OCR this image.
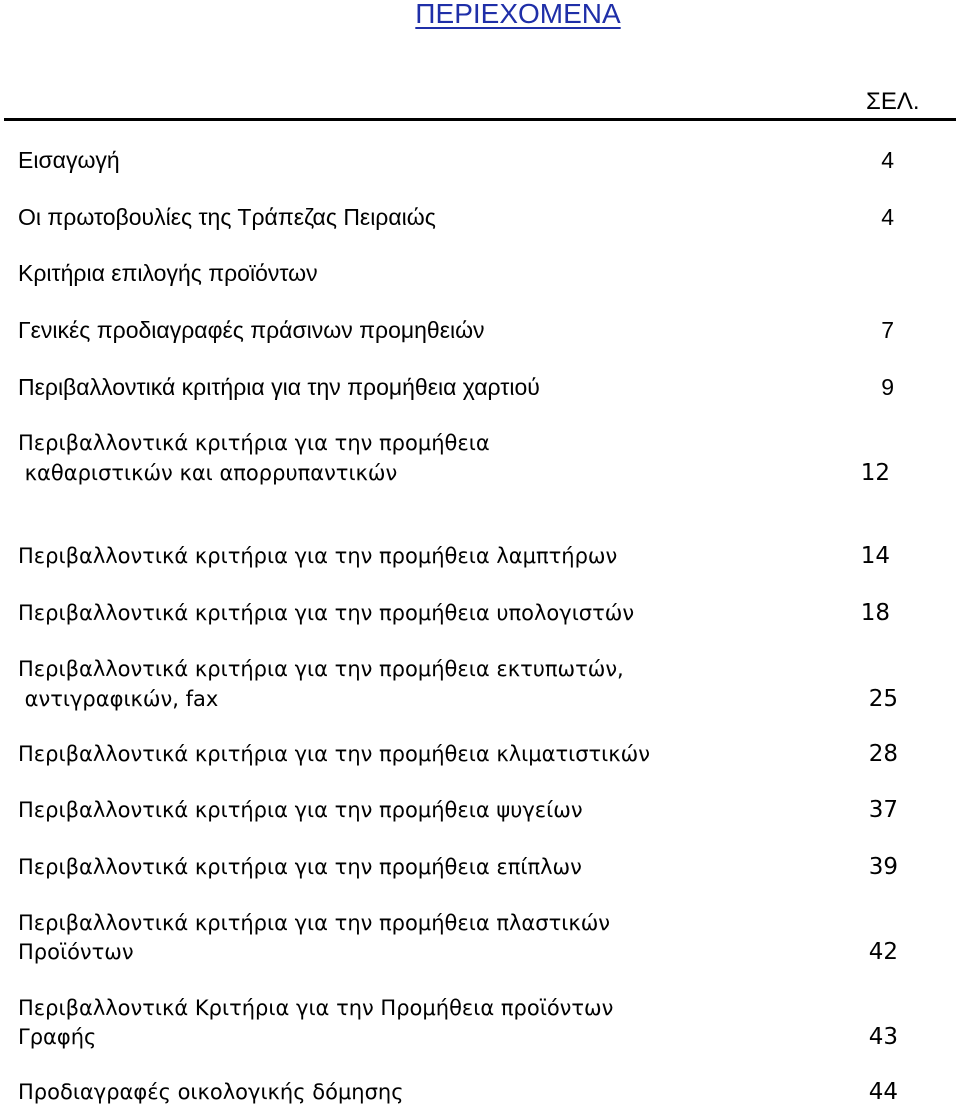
ΠΕΡΙΕΧΟΜΕΝΑ
ΣΕΛ.
Εισαγωγή	4
Οι πρωτοβουλίες της Τράπεζας Πειραιώς	4
Κριτήρια επιλογής προϊόντων
Γενικές προδιαγραφές πράσινων προμηθειών	7
Περιβαλλοντικά κριτήρια για την προμήθεια χαρτιού	9
Περιβαλλοντικά κριτήρια για την προμήθεια
καθαριστικών και απορρυπαντικών	12
Περιβαλλοντικά κριτήρια για την προμήθεια λαμπτήρων	14
Περιβαλλοντικά κριτήρια για την προμήθεια υπολογιστών	18
Περιβαλλοντικά κριτήρια για την προμήθεια εκτυπωτών,
αντιγραφικών, fax	25
Περιβαλλοντικά κριτήρια για την προμήθεια κλιματιστικών	28
Περιβαλλοντικά κριτήρια για την προμήθεια ψυγείων	37
Περιβαλλοντικά κριτήρια για την προμήθεια επίπλων	39
Περιβαλλοντικά κριτήρια για την προμήθεια πλαστικών
Προϊόντων	42
Περιβαλλοντικά Κριτήρια για την Προμήθεια προϊόντων
Γραφής	43
Προδιαγραφές οικολογικής δόμησης	44
